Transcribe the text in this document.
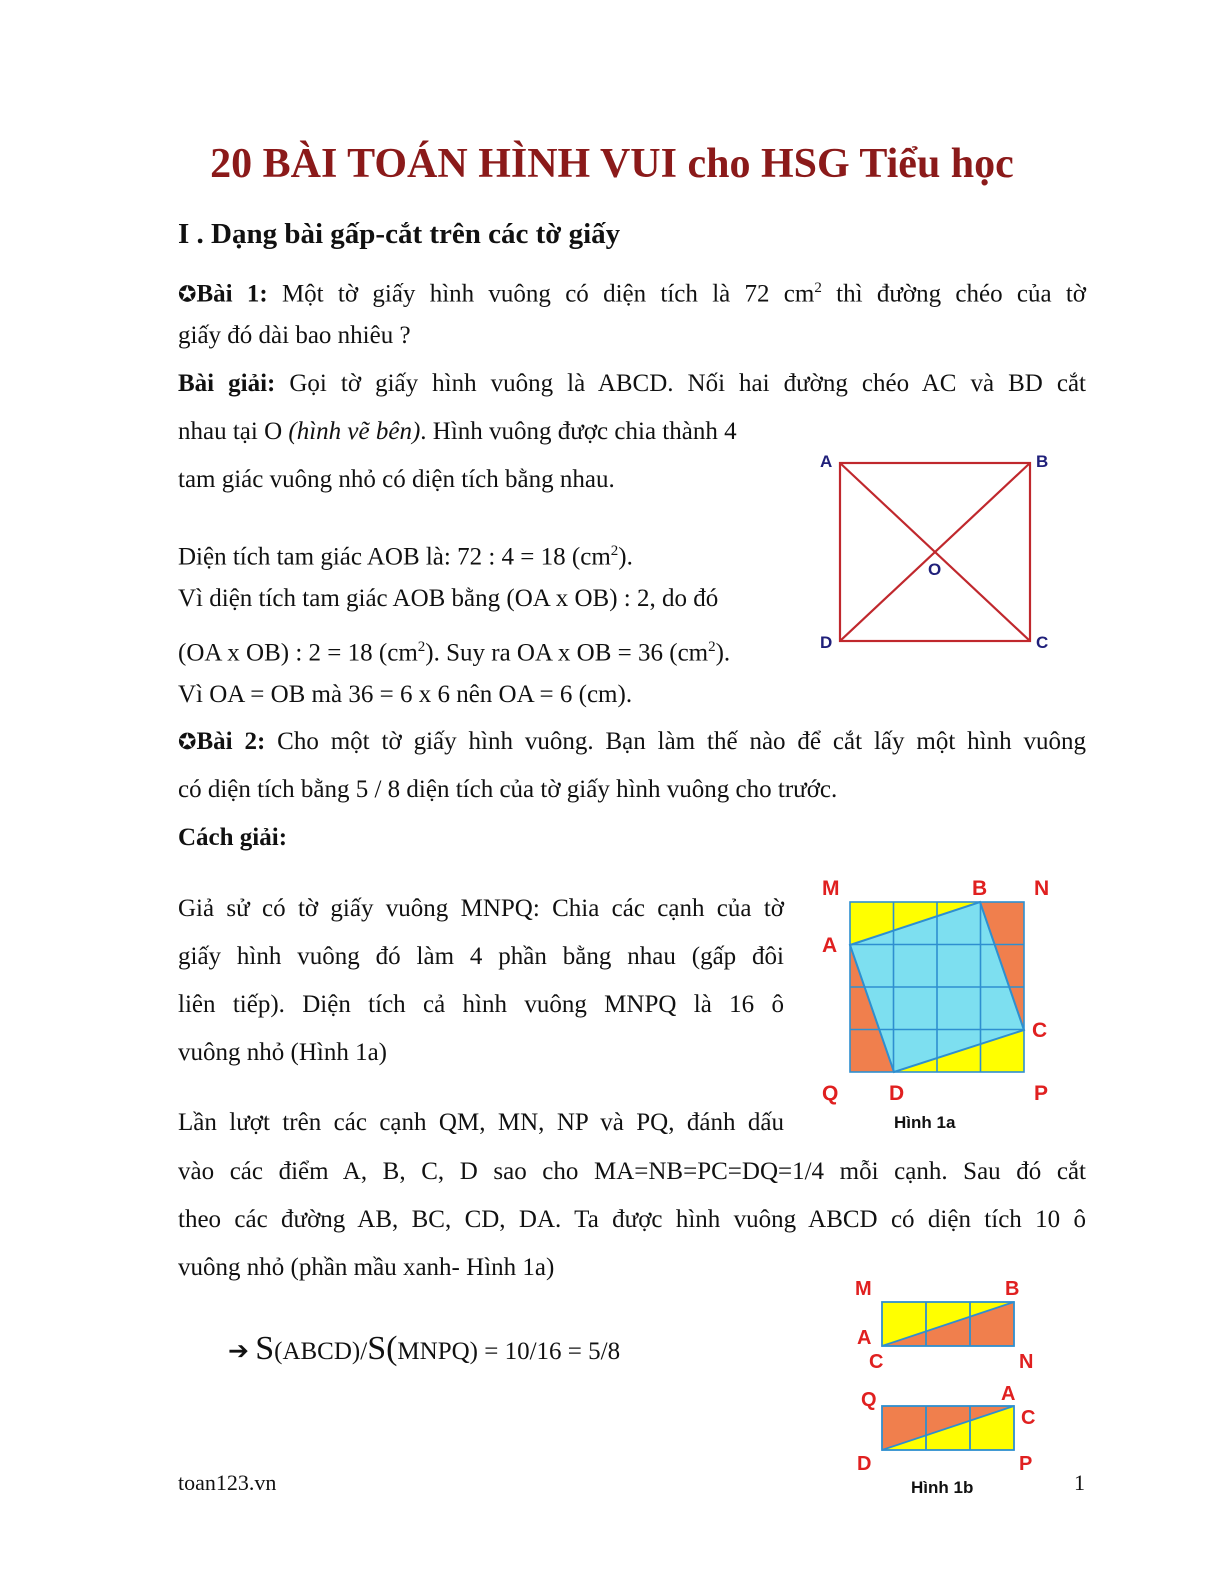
20 BÀI TOÁN HÌNH VUI cho HSG Tiểu học
I . Dạng bài gấp-cắt trên các tờ giấy
✪Bài 1: Một tờ giấy hình vuông có diện tích là 72 $cm^2$ thì đường chéo của tờ
giấy đó dài bao nhiêu ?
Bài giải: Gọi tờ giấy hình vuông là ABCD. Nối hai đường chéo AC và BD cắt
nhau tại O (hình vẽ bên). Hình vuông được chia thành 4
tam giác vuông nhỏ có diện tích bằng nhau.
Diện tích tam giác AOB là: 72 : 4 = 18 $(cm^2)$.
Vì diện tích tam giác AOB bằng (OA x OB) : 2, do đó
(OA x OB) : 2 = 18 $(cm^2)$. Suy ra OA x OB = 36 $(cm^2)$.
Vì OA = OB mà 36 = 6 x 6 nên OA = 6 (cm).
A	B
C
D
O
✪Bài 2: Cho một tờ giấy hình vuông. Bạn làm thế nào để cắt lấy một hình vuông
có diện tích bằng 5 / 8 diện tích của tờ giấy hình vuông cho trước.
Cách giải:
Giả sử có tờ giấy vuông MNPQ: Chia các cạnh của tờ
giấy hình vuông đó làm 4 phần bằng nhau (gấp đôi
liên tiếp). Diện tích cả hình vuông MNPQ là 16 ô
vuông nhỏ (Hình 1a)
Lần lượt trên các cạnh QM, MN, NP và PQ, đánh dấu
vào các điểm A, B, C, D sao cho MA=NB=PC=DQ=1/4 mỗi cạnh. Sau đó cắt
theo các đường AB, BC, CD, DA. Ta được hình vuông ABCD có diện tích 10 ô
vuông nhỏ (phần mầu xanh- Hình 1a)
M	B N
A
C
Q D	P
Hình 1a
➔ S(ABCD)/S(MNPQ) = 10/16 = 5/8
M	B
A
C	N
Q	A
C
D	P
Hình 1b
toan123.vn	1
